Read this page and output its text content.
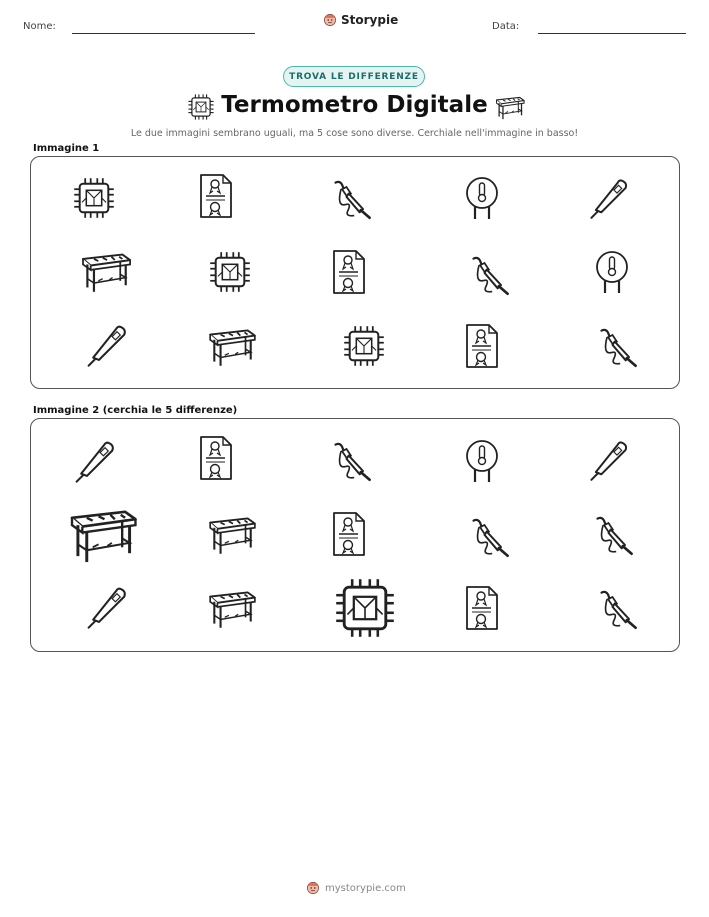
Nome:	Storypie	Data:
TROVA LE DIFFERENZE
Termometro Digitale
Le due immagini sembrano uguali, ma 5 cose sono diverse. Cerchiale nell'immagine in basso!
Immagine 1
Immagine 2 (cerchia le 5 differenze)
mystorypie.com
